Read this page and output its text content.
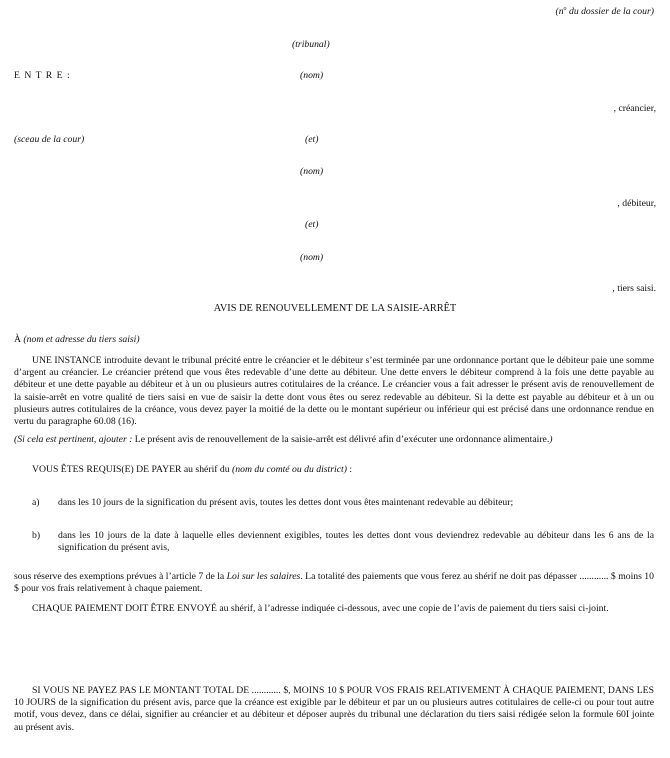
($n^o$ du dossier de la cour)
(tribunal)
E N T R E :	(nom)
, créancier,
(sceau de la cour)	(et)
(nom)
, débiteur,
(et)
(nom)
, tiers saisi.
AVIS DE RENOUVELLEMENT DE LA SAISIE-ARRÊT
À (nom et adresse du tiers saisi)

UNE INSTANCE introduite devant le tribunal précité entre le créancier et le débiteur s’est terminée par une ordonnance portant que le débiteur paie une somme d’argent au créancier. Le créancier prétend que vous êtes redevable d’une dette au débiteur. Une dette envers le débiteur comprend à la fois une dette payable au débiteur et une dette payable au débiteur et à un ou plusieurs autres cotitulaires de la créance. Le créancier vous a fait adresser le présent avis de renouvellement de la saisie-arrêt en votre qualité de tiers saisi en vue de saisir la dette dont vous êtes ou serez redevable au débiteur. Si la dette est payable au débiteur et à un ou plusieurs autres cotitulaires de la créance, vous devez payer la moitié de la dette ou le montant supérieur ou inférieur qui est précisé dans une ordonnance rendue en vertu du paragraphe 60.08 (16).

(Si cela est pertinent, ajouter : Le présent avis de renouvellement de la saisie-arrêt est délivré afin d’exécuter une ordonnance alimentaire.)

VOUS ÊTES REQUIS(E) DE PAYER au shérif du (nom du comté ou du district) :

a) dans les 10 jours de la signification du présent avis, toutes les dettes dont vous êtes maintenant redevable au débiteur;
b) dans les 10 jours de la date à laquelle elles deviennent exigibles, toutes les dettes dont vous deviendrez redevable au débiteur dans les 6 ans de la signification du présent avis,

sous réserve des exemptions prévues à l’article 7 de la Loi sur les salaires. La totalité des paiements que vous ferez au shérif ne doit pas dépasser ............ $ moins 10 $ pour vos frais relativement à chaque paiement.

CHAQUE PAIEMENT DOIT ÊTRE ENVOYÉ au shérif, à l’adresse indiquée ci-dessous, avec une copie de l’avis de paiement du tiers saisi ci-joint.

SI VOUS NE PAYEZ PAS LE MONTANT TOTAL DE ............ $, MOINS 10 $ POUR VOS FRAIS RELATIVEMENT À CHAQUE PAIEMENT, DANS LES 10 JOURS de la signification du présent avis, parce que la créance est exigible par le débiteur et par un ou plusieurs autres cotitulaires de celle-ci ou pour tout autre motif, vous devez, dans ce délai, signifier au créancier et au débiteur et déposer auprès du tribunal une déclaration du tiers saisi rédigée selon la formule 60I jointe au présent avis.
